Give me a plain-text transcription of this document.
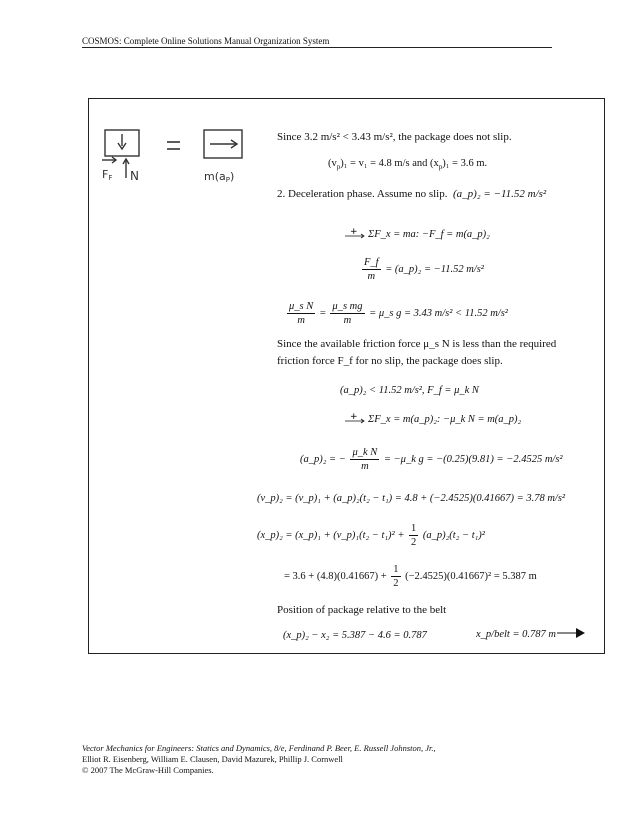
COSMOS: Complete Online Solutions Manual Organization System
FF N	m(aP)
Since 3.2 m/s² < 3.43 m/s², the package does not slip.
$(v_p)_1 = v_1 = 4.8$ m/s and $(x_p)_1 = 3.6$ m.
2. Deceleration phase. Assume no slip. (a_p)₂ = −11.52 m/s²
+ ΣF_x = ma: −F_f = m(a_p)₂
$\frac{F\_f}{m}$ = (a_p)₂ = −11.52 m/s²
$\frac{\text{μ\_s N}}{m} = \frac{\text{μ\_s mg}}{m}$ = μ_s g = 3.43 m/s² < 11.52 m/s²
Since the available friction force μ_s N is less than the required
friction force F_f for no slip, the package does slip.
(a_p)₂ < 11.52 m/s², F_f = μ_k N
+ ΣF_x = m(a_p)₂: −μ_k N = m(a_p)₂
(a_p)₂ = − $\frac{\text{μ\_k N}}{m}$ = −μ_k g = −(0.25)(9.81) = −2.4525 m/s²
(v_p)₂ = (v_p)₁ + (a_p)₂(t₂ − t₁) = 4.8 + (−2.4525)(0.41667) = 3.78 m/s²
(x_p)₂ = (x_p)₁ + (v_p)₁(t₂ − $t_1)^2 + \frac{1}{2}$ (a_p)₂(t₂ − t₁)²
= $3.6 + (4.8)(0.41667) + \frac{1}{2} (-2.4525)(0.41667)^2 = 5.387$ m
Position of package relative to the belt
(x_p)₂ − x₂ = 5.387 − 4.6 = 0.787	x_p/belt = 0.787 m
Vector Mechanics for Engineers: Statics and Dynamics, 8/e, Ferdinand P. Beer, E. Russell Johnston, Jr.,
Elliot R. Eisenberg, William E. Clausen, David Mazurek, Phillip J. Cornwell
© 2007 The McGraw-Hill Companies.
